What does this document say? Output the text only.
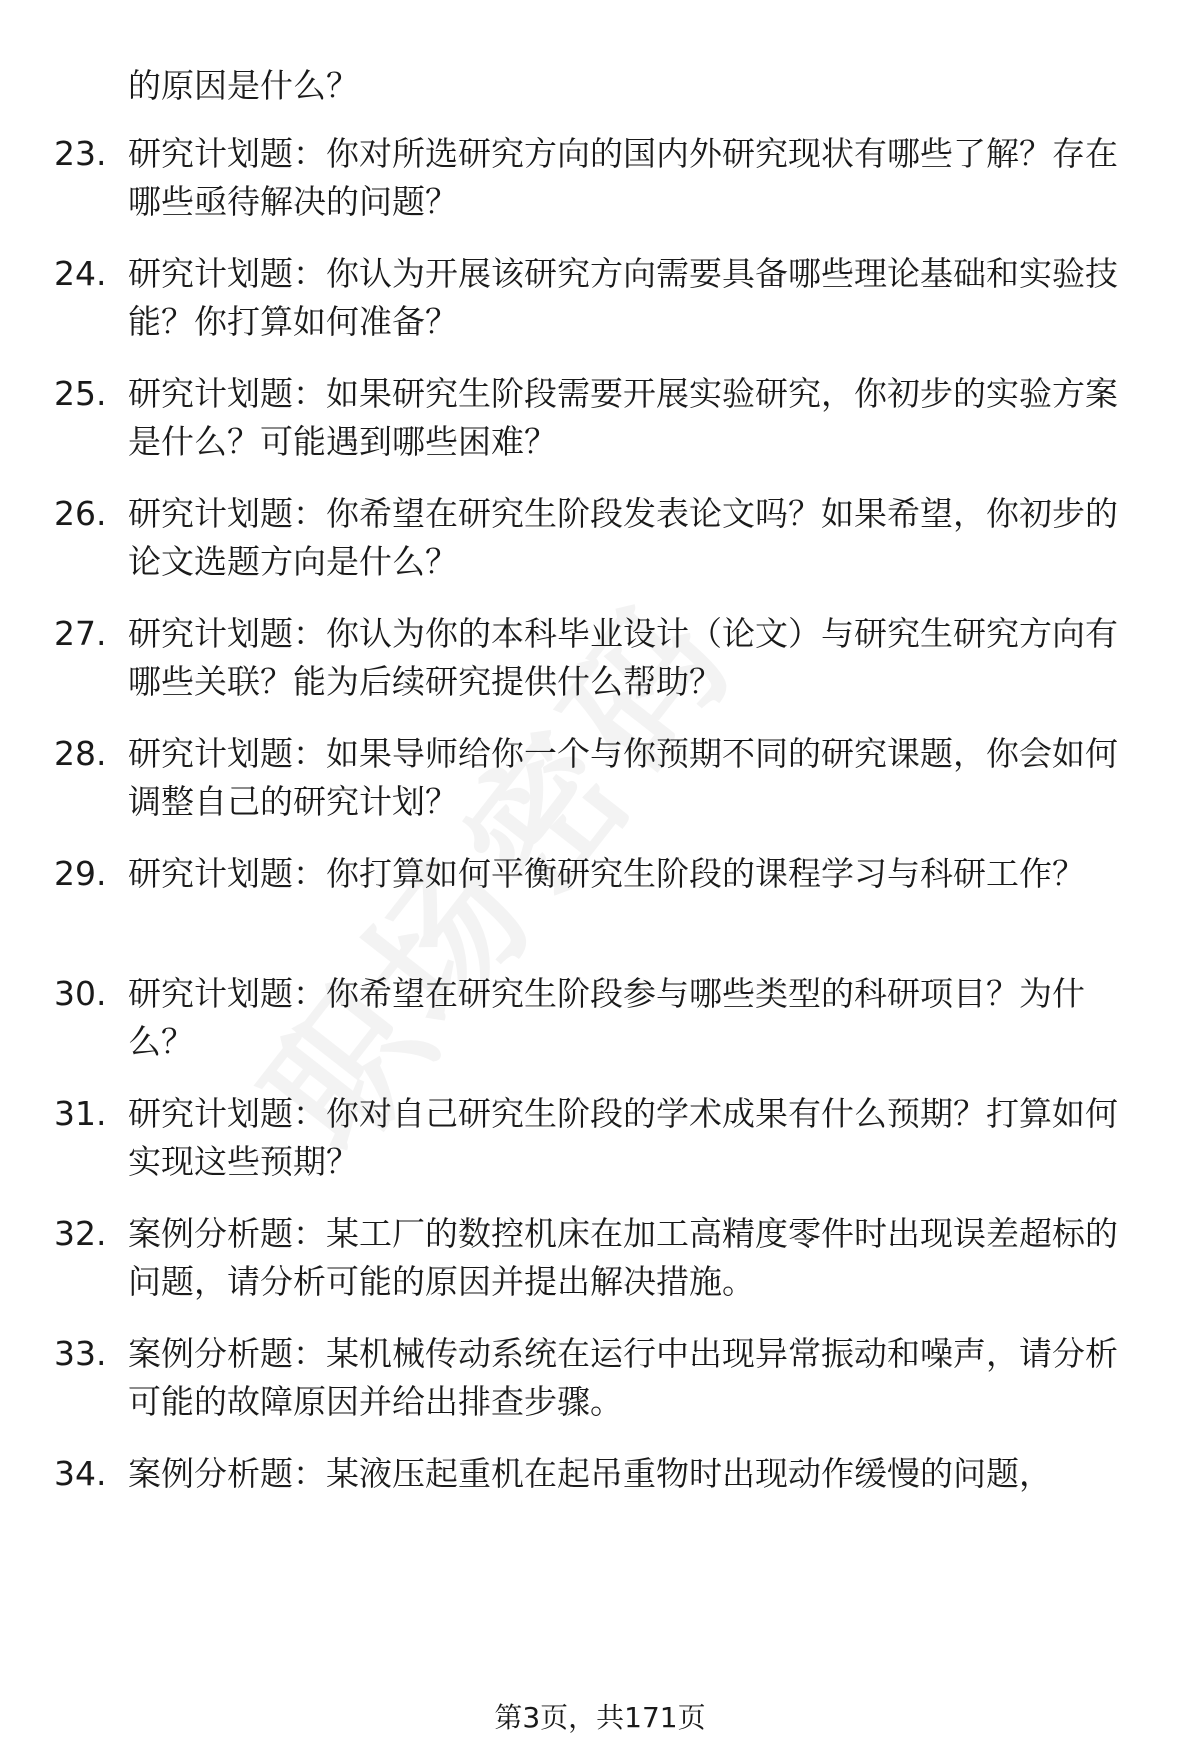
的原因是什么？

23. 研究计划题：你对所选研究方向的国内外研究现状有哪些了解？存在哪些亟待解决的问题？
24. 研究计划题：你认为开展该研究方向需要具备哪些理论基础和实验技能？你打算如何准备？
25. 研究计划题：如果研究生阶段需要开展实验研究，你初步的实验方案是什么？可能遇到哪些困难？
26. 研究计划题：你希望在研究生阶段发表论文吗？如果希望，你初步的论文选题方向是什么？
27. 研究计划题：你认为你的本科毕业设计（论文）与研究生研究方向有哪些关联？能为后续研究提供什么帮助？
28. 研究计划题：如果导师给你一个与你预期不同的研究课题，你会如何调整自己的研究计划？
29. 研究计划题：你打算如何平衡研究生阶段的课程学习与科研工作？
30. 研究计划题：你希望在研究生阶段参与哪些类型的科研项目？为什么？
31. 研究计划题：你对自己研究生阶段的学术成果有什么预期？打算如何实现这些预期？
32. 案例分析题：某工厂的数控机床在加工高精度零件时出现误差超标的问题，请分析可能的原因并提出解决措施。
33. 案例分析题：某机械传动系统在运行中出现异常振动和噪声，请分析可能的故障原因并给出排查步骤。
34. 案例分析题：某液压起重机在起吊重物时出现动作缓慢的问题，
第3页，共171页
